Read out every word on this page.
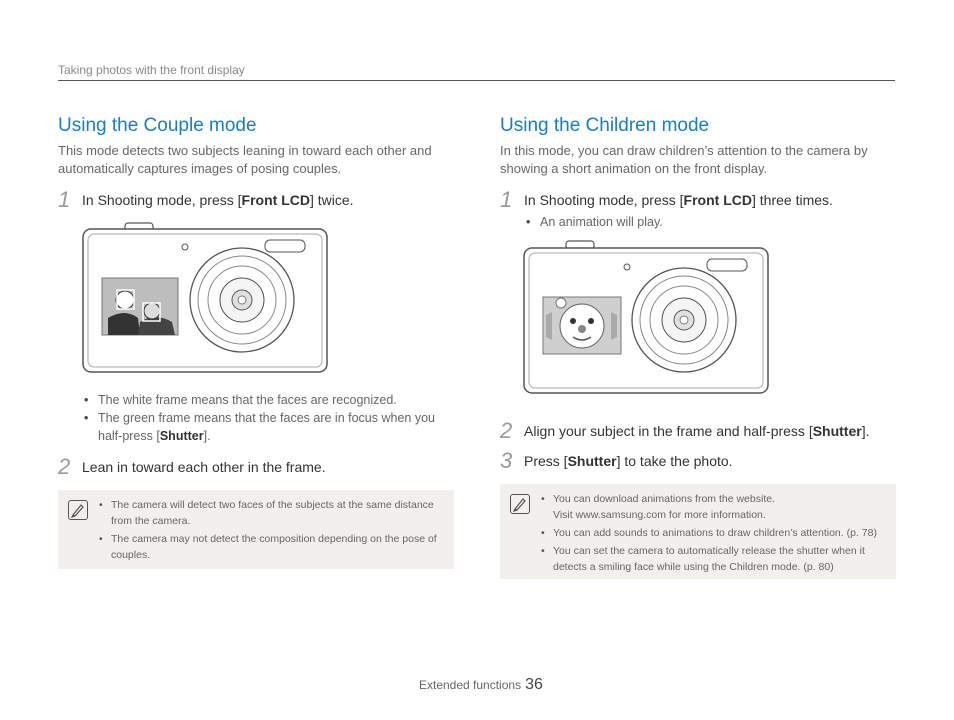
Taking photos with the front display
Using the Couple mode
This mode detects two subjects leaning in toward each other and automatically captures images of posing couples.
1 In Shooting mode, press [Front LCD] twice.
• The white frame means that the faces are recognized.
• The green frame means that the faces are in focus when you half-press [Shutter].
2 Lean in toward each other in the frame.
• The camera will detect two faces of the subjects at the same distance from the camera.
• The camera may not detect the composition depending on the pose of couples.
Using the Children mode
In this mode, you can draw children’s attention to the camera by showing a short animation on the front display.
1 In Shooting mode, press [Front LCD] three times.
• An animation will play.
2 Align your subject in the frame and half-press [Shutter].
3 Press [Shutter] to take the photo.
• You can download animations from the website.
Visit www.samsung.com for more information.
• You can add sounds to animations to draw children’s attention. (p. 78)
• You can set the camera to automatically release the shutter when it detects a smiling face while using the Children mode. (p. 80)
Extended functions 36
